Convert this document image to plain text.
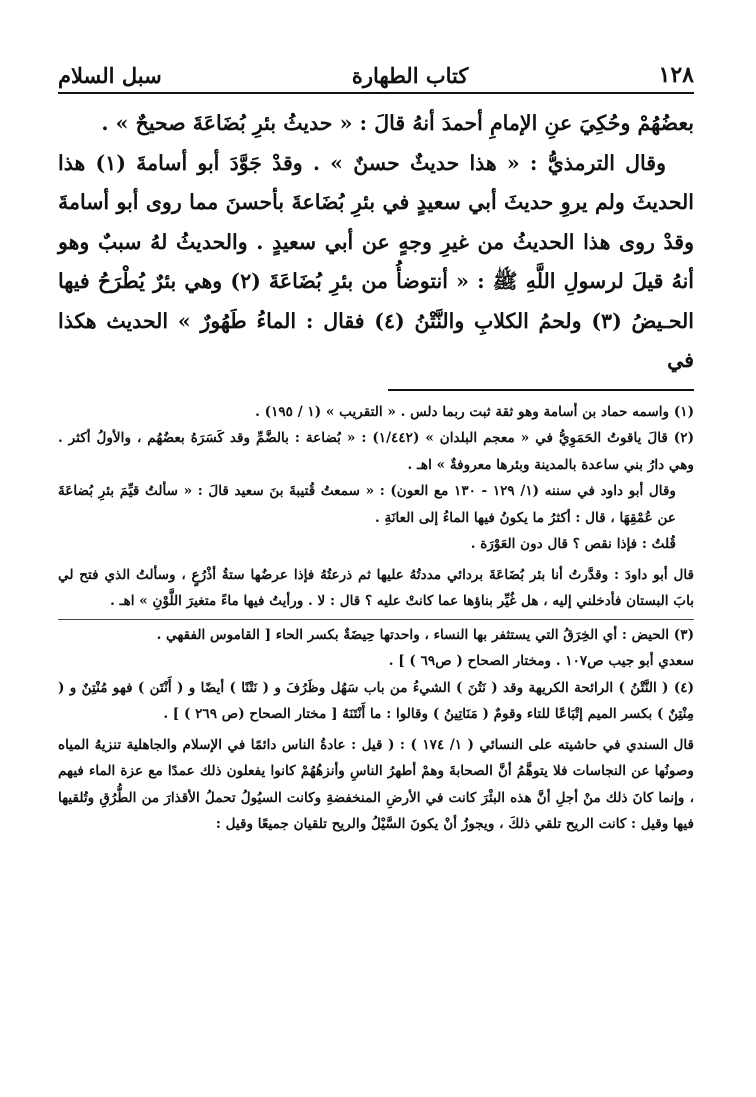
١٢٨
كتاب الطهارة
سبل السلام

بعضُهُمْ وحُكِيَ عنِ الإمامِ أحمدَ أنهُ قالَ : « حديثُ بئرِ بُضَاعَةَ صحيحٌ » .

وقال الترمذيُّ : « هذا حديثٌ حسنٌ » . وقدْ جَوَّدَ أبو أسامةَ (١) هذا الحديثَ ولم يروِ حديثَ أبي سعيدٍ في بئرِ بُضَاعةَ بأحسنَ مما روى أبو أسامةَ وقدْ روى هذا الحديثُ من غيرِ وجهٍ عن أبي سعيدٍ . والحديثُ لهُ سببٌ وهو أنهُ قيلَ لرسولِ اللَّهِ ﷺ : « أنتوضأُ من بئرِ بُضَاعَةَ (٢) وهي بئرٌ يُطْرَحُ فيها الحـيضُ (٣) ولحمُ الكلابِ والنَّتْنُ (٤) فقال : الماءُ طَهُورٌ » الحديث هكذا في

(١) واسمه حماد بن أسامة وهو ثقة ثبت ربما دلس . « التقريب » (١ / ١٩٥) .

(٢) قالَ ياقوتُ الحَمَوِيُّ في « معجم البلدان » (١/٤٤٢) : « بُضاعة : بالضَّمِّ وقد كَسَرَهُ بعضُهُم ، والأولُ أكثر . وهي دارُ بني ساعدة بالمدينة وبئرها معروفةٌ » اهـ .

وقال أبو داود في سننه (١/ ١٢٩ - ١٣٠ مع العون) : « سمعتُ قُتيبةَ بنَ سعيد قالَ : « سألتُ قيِّمَ بئرِ بُضاعَةَ عن عُمْقِهَا ، قال : أكثرُ ما يكونُ فيها الماءُ إلى العانَةِ .

قُلتُ : فإذا نقص ؟ قال دون العَوْرَة .

قال أبو داودَ : وقدَّرتُ أنا بئر بُضَاعَةَ بردائي مددتُهُ عليها ثم ذرعتُهُ فإذا عرضُها ستةُ أذْرُعٍ ، وسألتُ الذي فتح لي بابَ البستان فأدخلني إليه ، هل غُيِّر بناؤها عما كانتْ عليه ؟ قال : لا . ورأيتُ فيها ماءً متغيرَ اللَّوْنِ » اهـ .

(٣) الحيض : أي الخِرَقُ التي يستثفر بها النساء ، واحدتها حِيضَةٌ بكسر الحاء [ القاموس الفقهي .

سعدي أبو جيب ص١٠٧ . ومختار الصحاح ( ص٦٩ ) ] .

(٤) ( النَّتْنُ ) الرائحة الكريهة وقد ( نَتُنَ ) الشيءُ من باب سَهُل وظَرُفَ و ( نَتْنًا ) أيضًا و ( أَنْتَن ) فهو مُنْتِنٌ و ( مِنْتِنٌ ) بكسر الميم إتْبَاعًا للتاء وقومٌ ( مَنَاتِينُ ) وقالوا : ما أَنْتَنَهُ [ مختار الصحاح (ص ٢٦٩ ) ] .

قال السندي في حاشيته على النسائي ( ١/ ١٧٤ ) : ( قيل : عادةُ الناس دائمًا في الإسلام والجاهلية تنزيهُ المياه وصونُها عن النجاسات فلا يتوهَّمُ أنَّ الصحابةَ وهمْ أطهرُ الناسِ وأنزهُهُمْ كانوا يفعلون ذلك عمدًا مع عزة الماء فيهم ، وإنما كانَ ذلك منْ أجلِ أنَّ هذه البئْرَ كانت في الأرضِ المنخفضةِ وكانت السيُولُ تحملُ الأقذارَ من الطُّرُقِ وتُلقيها فيها وقيل : كانت الريح تلقي ذلكَ ، ويجوزُ أنْ يكونَ السَّيْلُ والريح تلقيان جميعًا وقيل :
